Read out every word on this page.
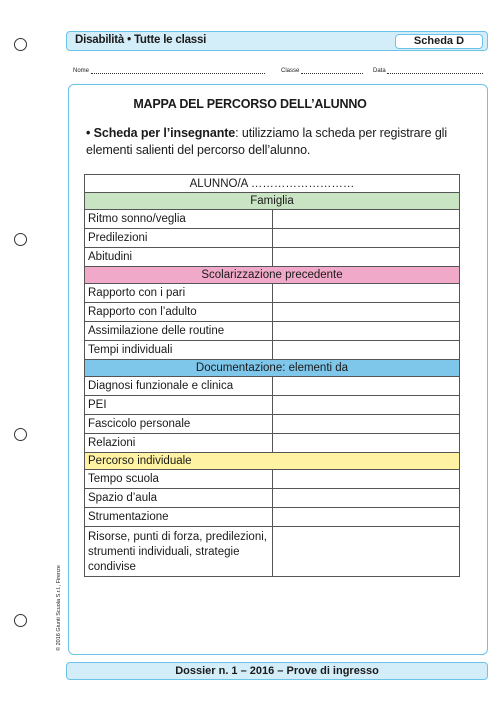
Disabilità • Tutte le classi	Scheda D
Nome	Classe	Data
MAPPA DEL PERCORSO DELL’ALUNNO
• Scheda per l’insegnante: utilizziamo la scheda per registrare gli elementi salienti del percorso dell’alunno.
ALUNNO/A ………………………	
Famiglia	
Ritmo sonno/veglia	
Predilezioni	
Abitudini	
Scolarizzazione precedente	
Rapporto con i pari	
Rapporto con l’adulto	
Assimilazione delle routine	
Tempi individuali	
Documentazione: elementi da	
Diagnosi funzionale e clinica	
PEI	
Fascicolo personale	
Relazioni	
Percorso individuale	
Tempo scuola	
Spazio d’aula	
Strumentazione	
Risorse, punti di forza, predilezioni, strumenti individuali, strategie condivise	
© 2016 Giunti Scuola S.r.l., Firenze
Dossier n. 1 – 2016 – Prove di ingresso
